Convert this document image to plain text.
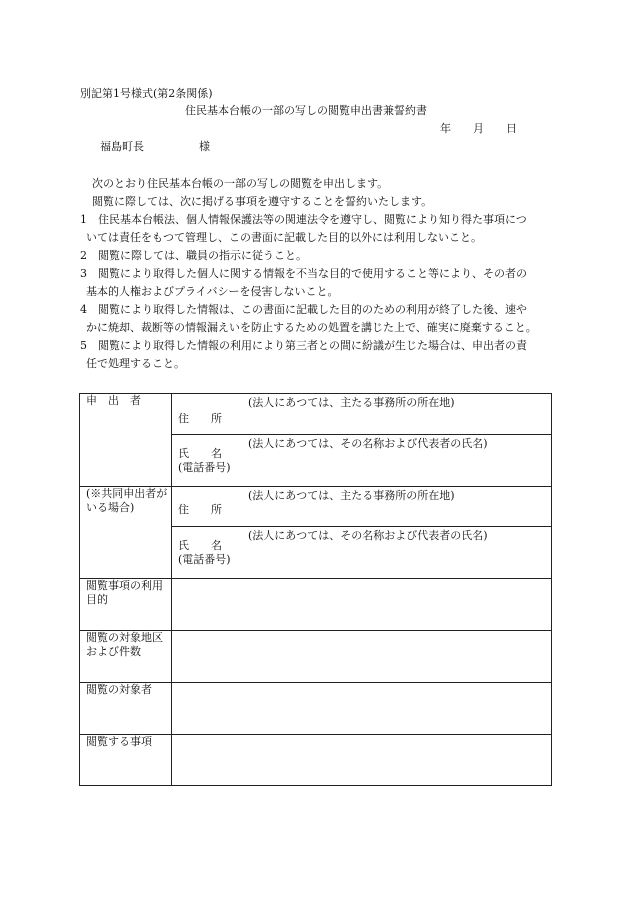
別記第1号様式(第2条関係)
住民基本台帳の一部の写しの閲覧申出書兼誓約書
年　　月　　日
福島町長　　　　　様
次のとおり住民基本台帳の一部の写しの閲覧を申出します。
閲覧に際しては、次に掲げる事項を遵守することを誓約いたします。
1　住民基本台帳法、個人情報保護法等の関連法令を遵守し、閲覧により知り得た事項につ
いては責任をもつて管理し、この書面に記載した目的以外には利用しないこと。
2　閲覧に際しては、職員の指示に従うこと。
3　閲覧により取得した個人に関する情報を不当な目的で使用すること等により、その者の
基本的人権およびプライバシーを侵害しないこと。
4　閲覧により取得した情報は、この書面に記載した目的のための利用が終了した後、速や
かに焼却、裁断等の情報漏えいを防止するための処置を講じた上で、確実に廃棄すること。
5　閲覧により取得した情報の利用により第三者との間に紛議が生じた場合は、申出者の責
任で処理すること。
申　出　者	住　　所
(法人にあつては、主たる事務所の所在地)

	氏　　名
(電話番号)
(法人にあつては、その名称および代表者の氏名)

(※共同申出者がいる場合)	住　　所
(法人にあつては、主たる事務所の所在地)

	氏　　名
(電話番号)
(法人にあつては、その名称および代表者の氏名)

閲覧事項の利用目的	

閲覧の対象地区および件数	

閲覧の対象者	

閲覧する事項	
